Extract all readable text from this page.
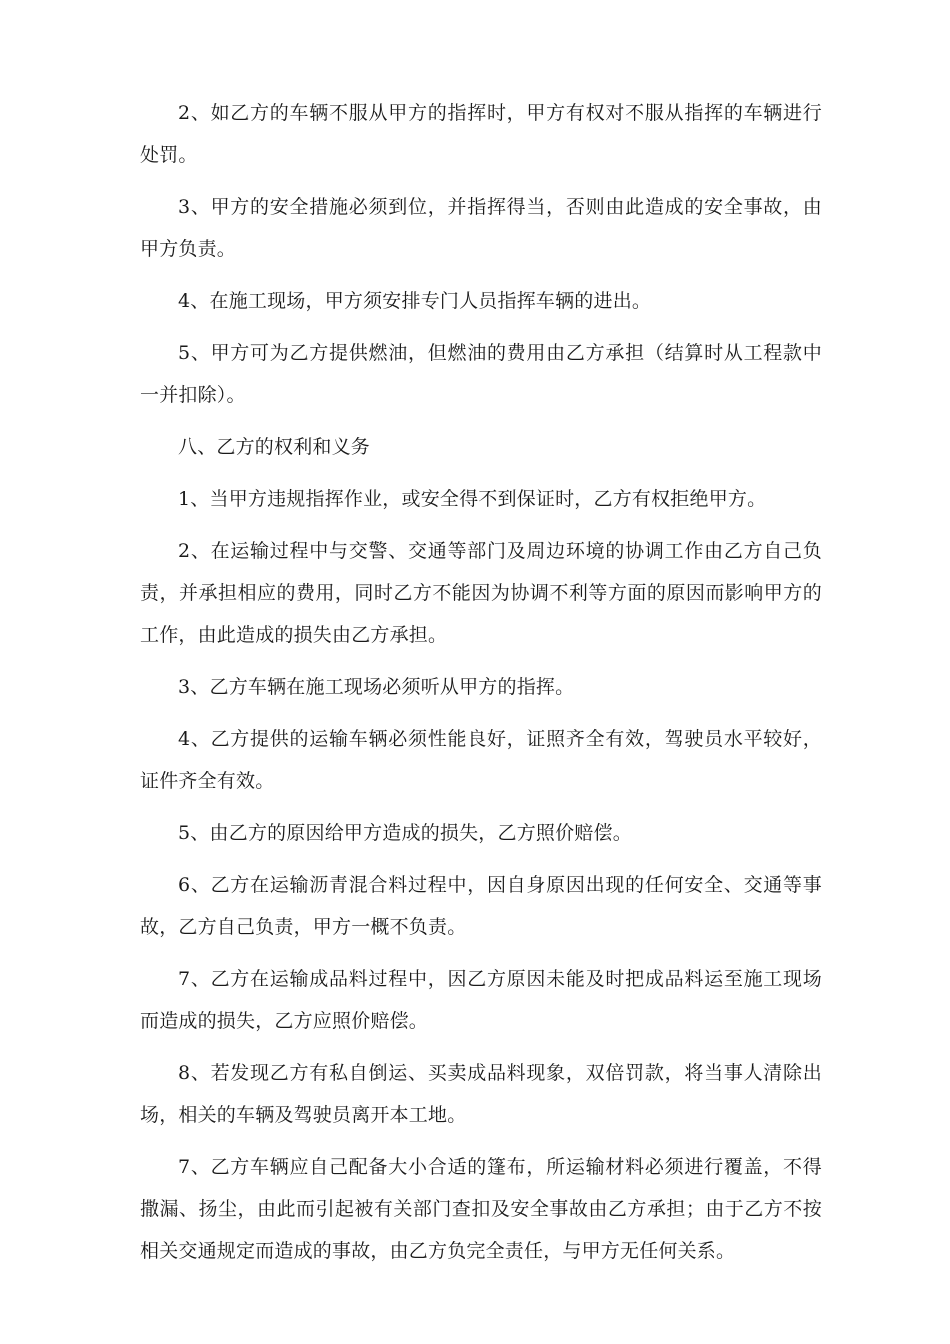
2、如乙方的车辆不服从甲方的指挥时，甲方有权对不服从指挥的车辆进行处罚。

3、甲方的安全措施必须到位，并指挥得当，否则由此造成的安全事故，由甲方负责。

4、在施工现场，甲方须安排专门人员指挥车辆的进出。

5、甲方可为乙方提供燃油，但燃油的费用由乙方承担（结算时从工程款中一并扣除）。

八、乙方的权利和义务

1、当甲方违规指挥作业，或安全得不到保证时，乙方有权拒绝甲方。

2、在运输过程中与交警、交通等部门及周边环境的协调工作由乙方自己负责，并承担相应的费用，同时乙方不能因为协调不利等方面的原因而影响甲方的工作，由此造成的损失由乙方承担。

3、乙方车辆在施工现场必须听从甲方的指挥。

4、乙方提供的运输车辆必须性能良好，证照齐全有效，驾驶员水平较好，证件齐全有效。

5、由乙方的原因给甲方造成的损失，乙方照价赔偿。

6、乙方在运输沥青混合料过程中，因自身原因出现的任何安全、交通等事故，乙方自己负责，甲方一概不负责。

7、乙方在运输成品料过程中，因乙方原因未能及时把成品料运至施工现场而造成的损失，乙方应照价赔偿。

8、若发现乙方有私自倒运、买卖成品料现象，双倍罚款，将当事人清除出场，相关的车辆及驾驶员离开本工地。

7、乙方车辆应自己配备大小合适的篷布，所运输材料必须进行覆盖，不得撒漏、扬尘，由此而引起被有关部门查扣及安全事故由乙方承担；由于乙方不按相关交通规定而造成的事故，由乙方负完全责任，与甲方无任何关系。
